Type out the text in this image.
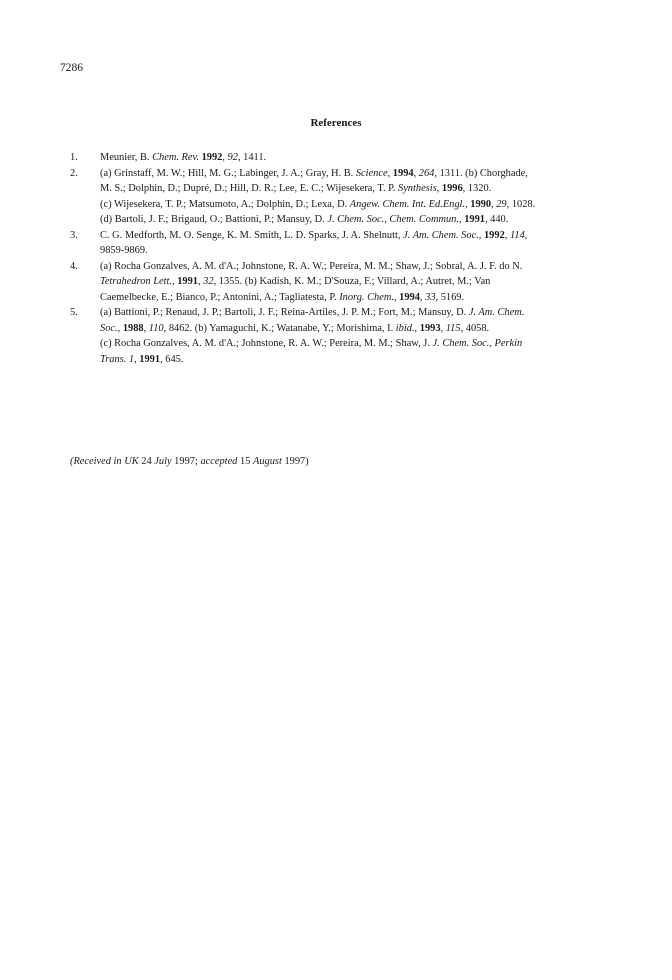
7286
References
1.	Meunier, B. Chem. Rev. 1992, 92, 1411.
2.	(a) Grinstaff, M. W.; Hill, M. G.; Labinger, J. A.; Gray, H. B. Science, 1994, 264, 1311. (b) Chorghade,
M. S.; Dolphin, D.; Dupré, D.; Hill, D. R.; Lee, E. C.; Wijesekera, T. P. Synthesis, 1996, 1320.
(c) Wijesekera, T. P.; Matsumoto, A.; Dolphin, D.; Lexa, D. Angew. Chem. Int. Ed.Engl., 1990, 29, 1028.
(d) Bartoli, J. F.; Brigaud, O.; Battioni, P.; Mansuy, D. J. Chem. Soc., Chem. Commun., 1991, 440.
3.	C. G. Medforth, M. O. Senge, K. M. Smith, L. D. Sparks, J. A. Shelnutt, J. Am. Chem. Soc., 1992, 114,
9859-9869.
4.	(a) Rocha Gonzalves, A. M. d'A.; Johnstone, R. A. W.; Pereira, M. M.; Shaw, J.; Sobral, A. J. F. do N.
Tetrahedron Lett., 1991, 32, 1355. (b) Kadish, K. M.; D'Souza, F.; Villard, A.; Autret, M.; Van
Caemelbecke, E.; Bianco, P.; Antonini, A.; Tagliatesta, P. Inorg. Chem., 1994, 33, 5169.
5.	(a) Battioni, P.; Renaud, J. P.; Bartoli, J. F.; Reina-Artiles, J. P. M.; Fort, M.; Mansuy, D. J. Am. Chem.
Soc., 1988, 110, 8462. (b) Yamaguchi, K.; Watanabe, Y.; Morishima, I. ibid., 1993, 115, 4058.
(c) Rocha Gonzalves, A. M. d'A.; Johnstone, R. A. W.; Pereira, M. M.; Shaw, J. J. Chem. Soc., Perkin
Trans. 1, 1991, 645.
(Received in UK 24 July 1997; accepted 15 August 1997)
